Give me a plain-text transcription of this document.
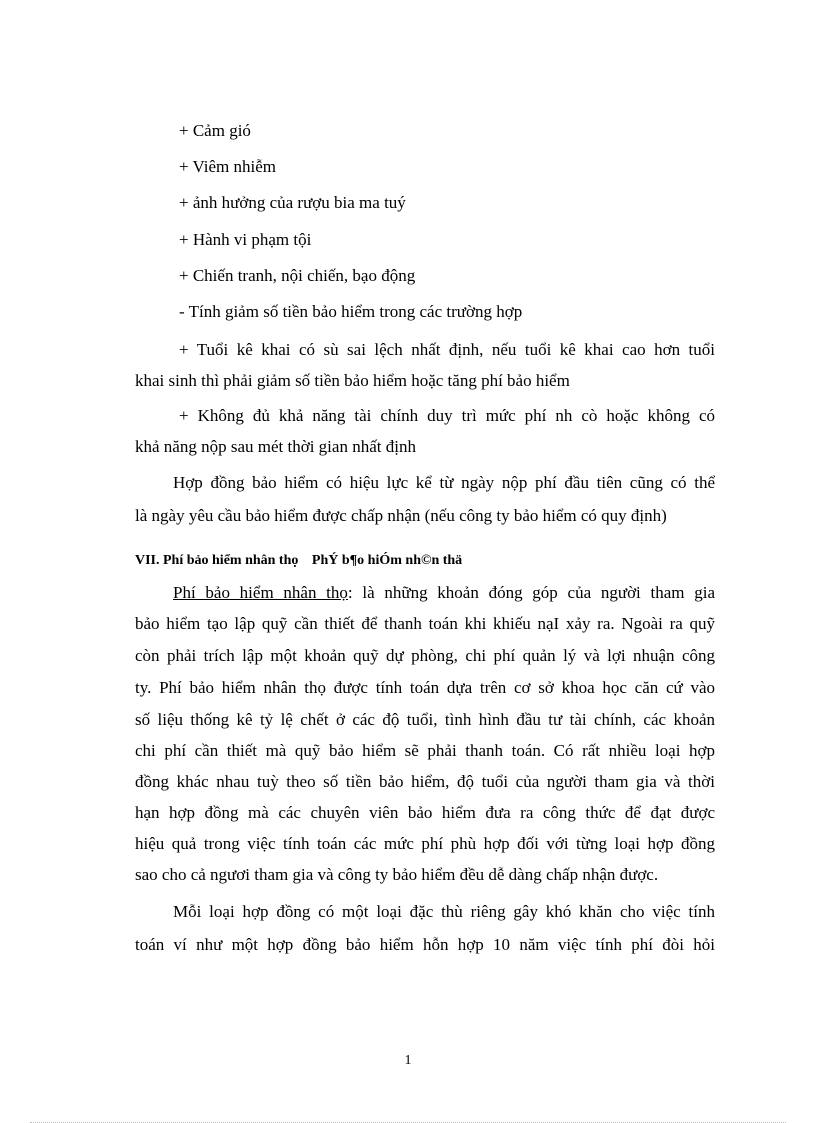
+ Cảm gió
+ Viêm nhiễm
+ ảnh hưởng của rượu bia ma tuý
+ Hành vi phạm tội
+ Chiến tranh, nội chiến, bạo động
- Tính giảm số tiền bảo hiểm trong các trường hợp
+ Tuổi kê khai có sù sai lệch nhất định, nếu tuổi kê khai cao hơn tuổi
khai sinh thì phải giảm số tiền bảo hiểm hoặc tăng phí bảo hiểm
+ Không đủ khả năng tài chính duy trì mức phí nh cò hoặc không có
khả năng nộp sau mét thời gian nhất định
Hợp đồng bảo hiểm có hiệu lực kể từ ngày nộp phí đầu tiên cũng có thể
là ngày yêu cầu bảo hiểm được chấp nhận (nếu công ty bảo hiểm có quy định)
VII. Phí bảo hiểm nhân thọ PhÝ b¶o hiÓm nh©n thä
Phí bảo hiểm nhân thọ: là những khoản đóng góp của người tham gia
bảo hiểm tạo lập quỹ cần thiết để thanh toán khi khiếu nạI xảy ra. Ngoài ra quỹ
còn phải trích lập một khoản quỹ dự phòng, chi phí quản lý và lợi nhuận công
ty. Phí bảo hiểm nhân thọ được tính toán dựa trên cơ sở khoa học căn cứ vào
số liệu thống kê tỷ lệ chết ở các độ tuổi, tình hình đầu tư tài chính, các khoản
chi phí cần thiết mà quỹ bảo hiểm sẽ phải thanh toán. Có rất nhiều loại hợp
đồng khác nhau tuỳ theo số tiền bảo hiểm, độ tuổi của người tham gia và thời
hạn hợp đồng mà các chuyên viên bảo hiểm đưa ra công thức để đạt được
hiệu quả trong việc tính toán các mức phí phù hợp đối với từng loại hợp đồng
sao cho cả ngươi tham gia và công ty bảo hiểm đều dễ dàng chấp nhận được.
Mỗi loại hợp đồng có một loại đặc thù riêng gây khó khăn cho việc tính
toán ví như một hợp đồng bảo hiểm hỗn hợp 10 năm việc tính phí đòi hỏi
1
